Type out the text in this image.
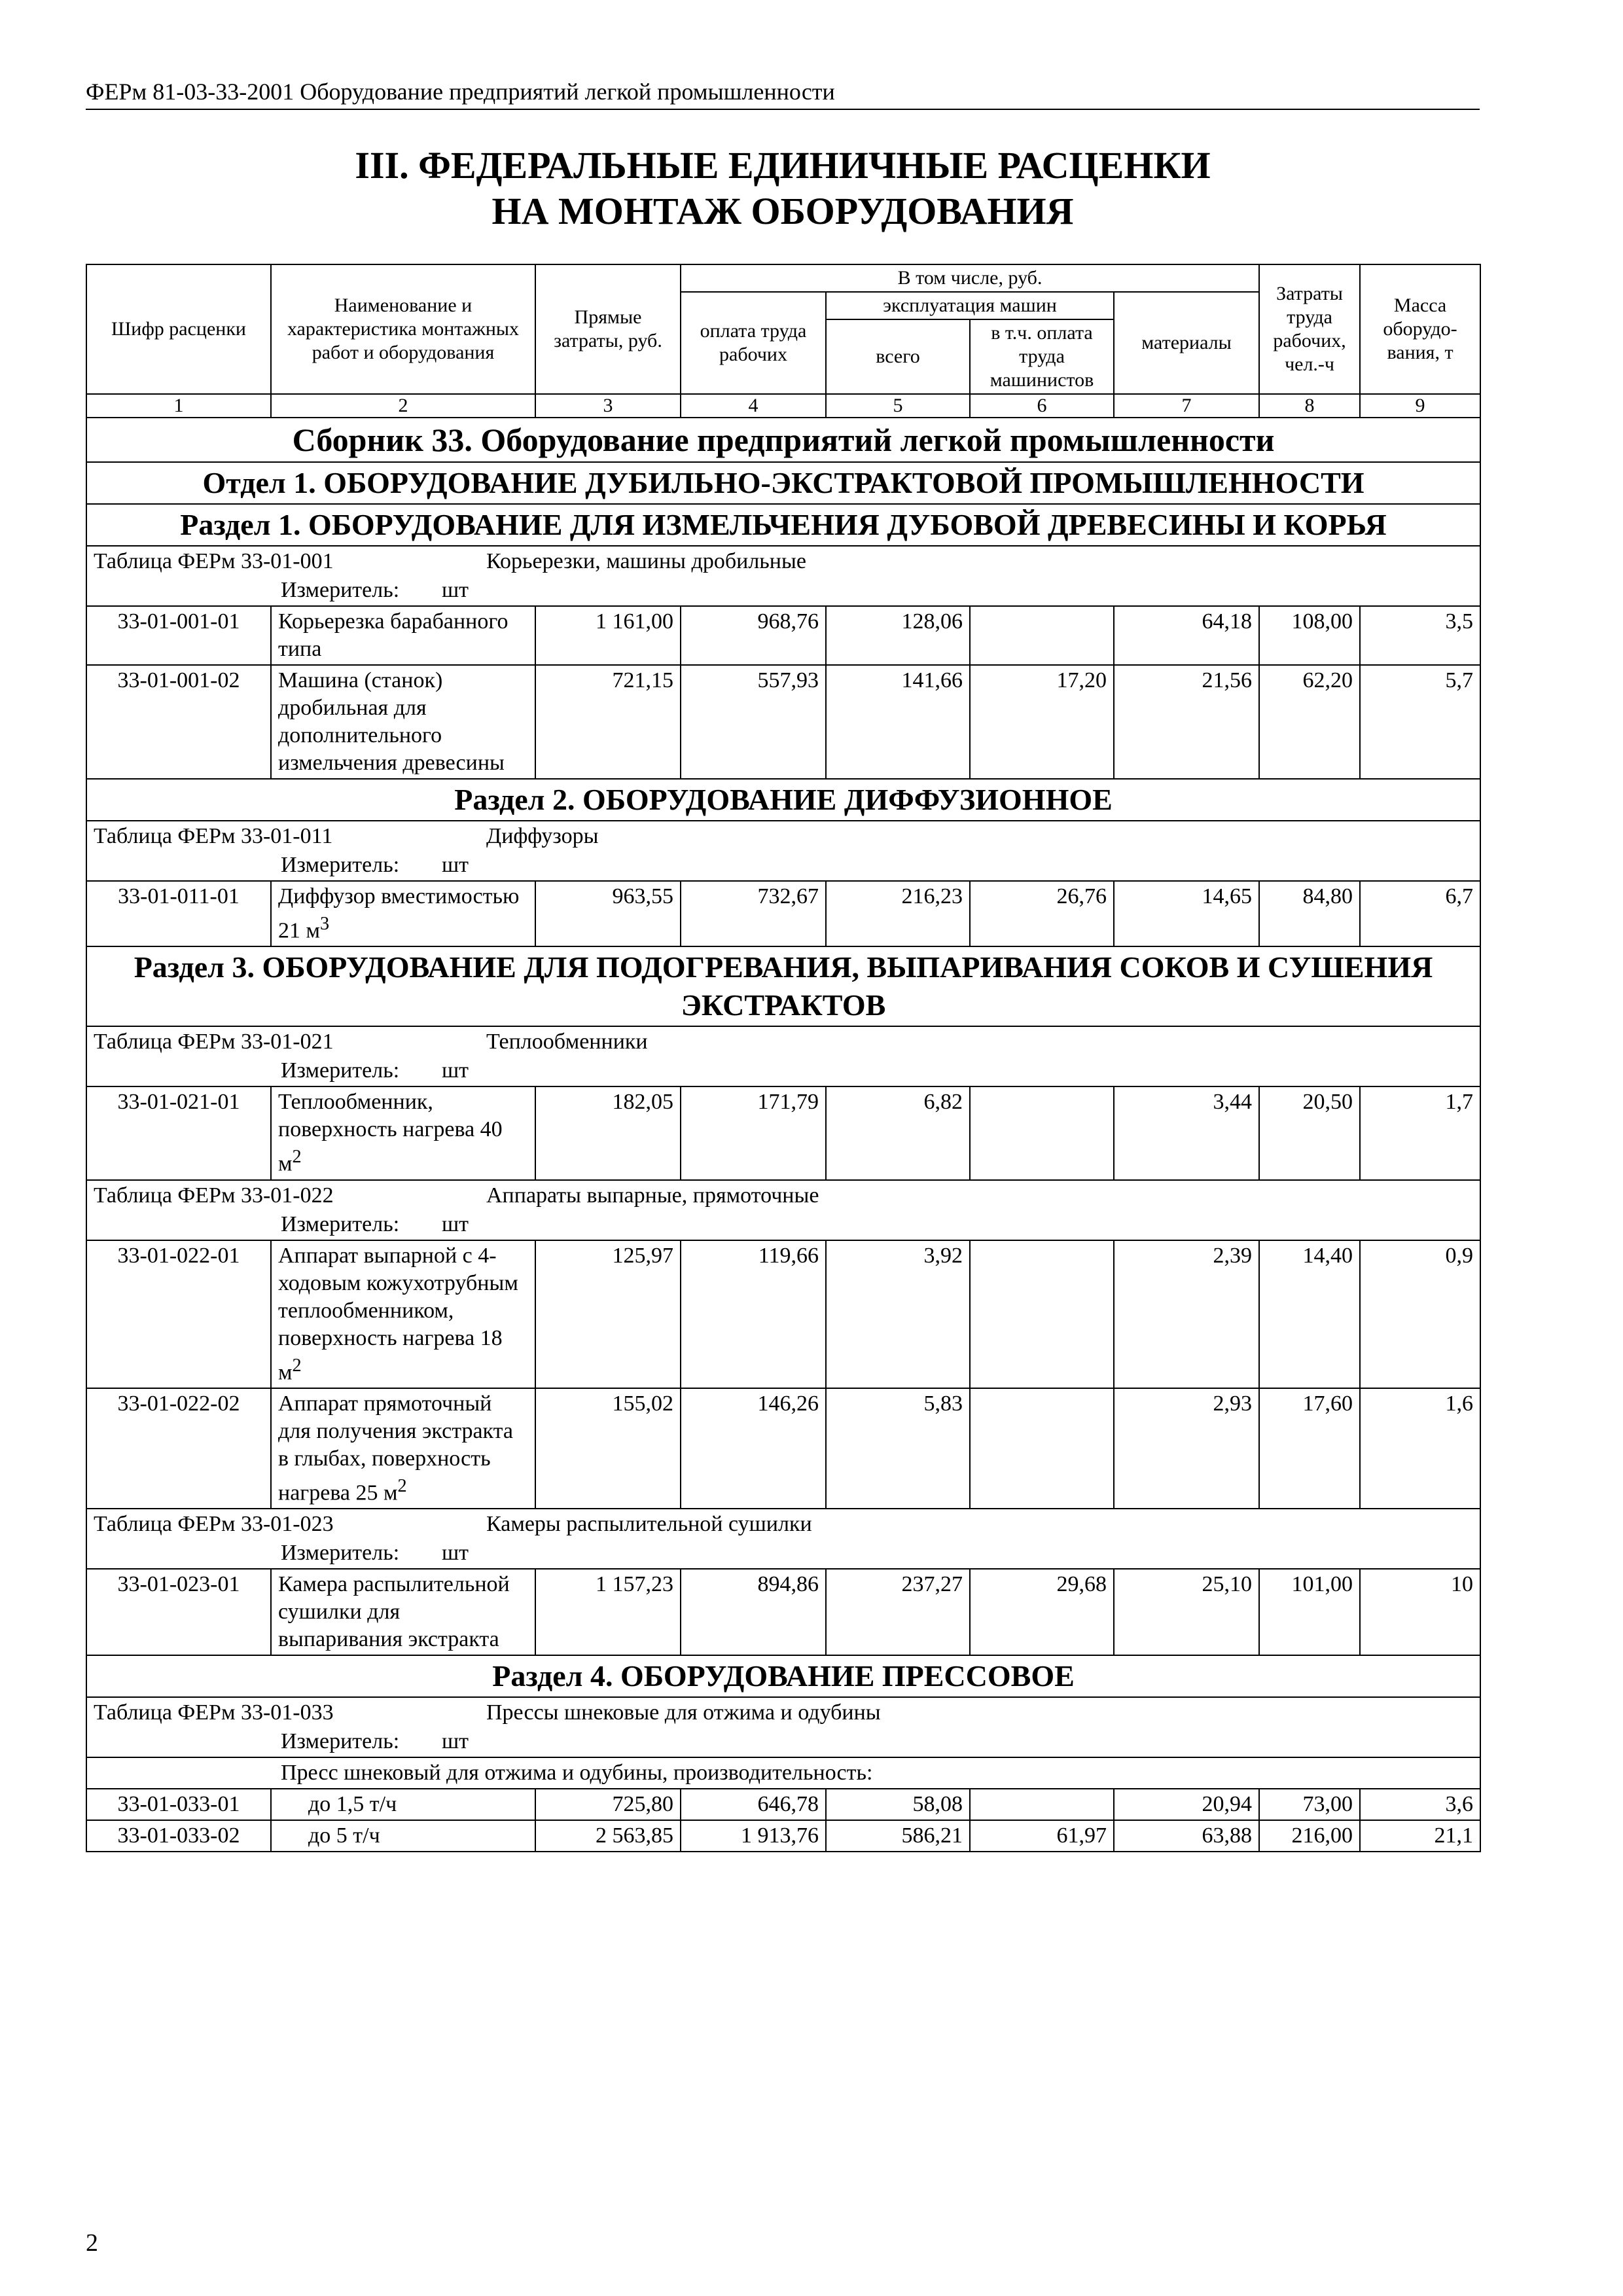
ФЕРм 81-03-33-2001 Оборудование предприятий легкой промышленности
III. ФЕДЕРАЛЬНЫЕ ЕДИНИЧНЫЕ РАСЦЕНКИ
НА МОНТАЖ ОБОРУДОВАНИЯ
Шифр расценки	Наименование и характеристика монтажных работ и оборудования	Прямые затраты, руб.	В том числе, руб.				Затраты труда рабочих, чел.-ч	Масса оборудо-вания, т
			оплата труда рабочих	эксплуатация машин		материалы		
				всего	в т.ч. оплата труда машинистов			
1	2	3	4	5	6	7	8	9
Сборник 33. Оборудование предприятий легкой промышленности								
Отдел 1. ОБОРУДОВАНИЕ ДУБИЛЬНО-ЭКСТРАКТОВОЙ ПРОМЫШЛЕННОСТИ								
Раздел 1. ОБОРУДОВАНИЕ ДЛЯ ИЗМЕЛЬЧЕНИЯ ДУБОВОЙ ДРЕВЕСИНЫ И КОРЬЯ								
Таблица ФЕРм 33-01-001 Корьерезки, машины дробильные								
Измеритель: шт								
33-01-001-01	Корьерезка барабанного типа	1 161,00	968,76	128,06		64,18	108,00	3,5
33-01-001-02	Машина (станок) дробильная для дополнительного измельчения древесины	721,15	557,93	141,66	17,20	21,56	62,20	5,7
Раздел 2. ОБОРУДОВАНИЕ ДИФФУЗИОННОЕ								
Таблица ФЕРм 33-01-011 Диффузоры								
Измеритель: шт								
33-01-011-01	Диффузор вместимостью 21 $м^3$	963,55	732,67	216,23	26,76	14,65	84,80	6,7
Раздел 3. ОБОРУДОВАНИЕ ДЛЯ ПОДОГРЕВАНИЯ, ВЫПАРИВАНИЯ СОКОВ И СУШЕНИЯ ЭКСТРАКТОВ								
Таблица ФЕРм 33-01-021 Теплообменники								
Измеритель: шт								
33-01-021-01	Теплообменник, поверхность нагрева 40 $м^2$	182,05	171,79	6,82		3,44	20,50	1,7
Таблица ФЕРм 33-01-022 Аппараты выпарные, прямоточные								
Измеритель: шт								
33-01-022-01	Аппарат выпарной с 4-ходовым кожухотрубным теплообменником, поверхность нагрева 18 $м^2$	125,97	119,66	3,92		2,39	14,40	0,9
33-01-022-02	Аппарат прямоточный для получения экстракта в глыбах, поверхность нагрева 25 $м^2$	155,02	146,26	5,83		2,93	17,60	1,6
Таблица ФЕРм 33-01-023 Камеры распылительной сушилки								
Измеритель: шт								
33-01-023-01	Камера распылительной сушилки для выпаривания экстракта	1 157,23	894,86	237,27	29,68	25,10	101,00	10
Раздел 4. ОБОРУДОВАНИЕ ПРЕССОВОЕ								
Таблица ФЕРм 33-01-033 Прессы шнековые для отжима и одубины								
Измеритель: шт								
Пресс шнековый для отжима и одубины, производительность:								
33-01-033-01	до 1,5 т/ч	725,80	646,78	58,08		20,94	73,00	3,6
33-01-033-02	до 5 т/ч	2 563,85	1 913,76	586,21	61,97	63,88	216,00	21,1
2
